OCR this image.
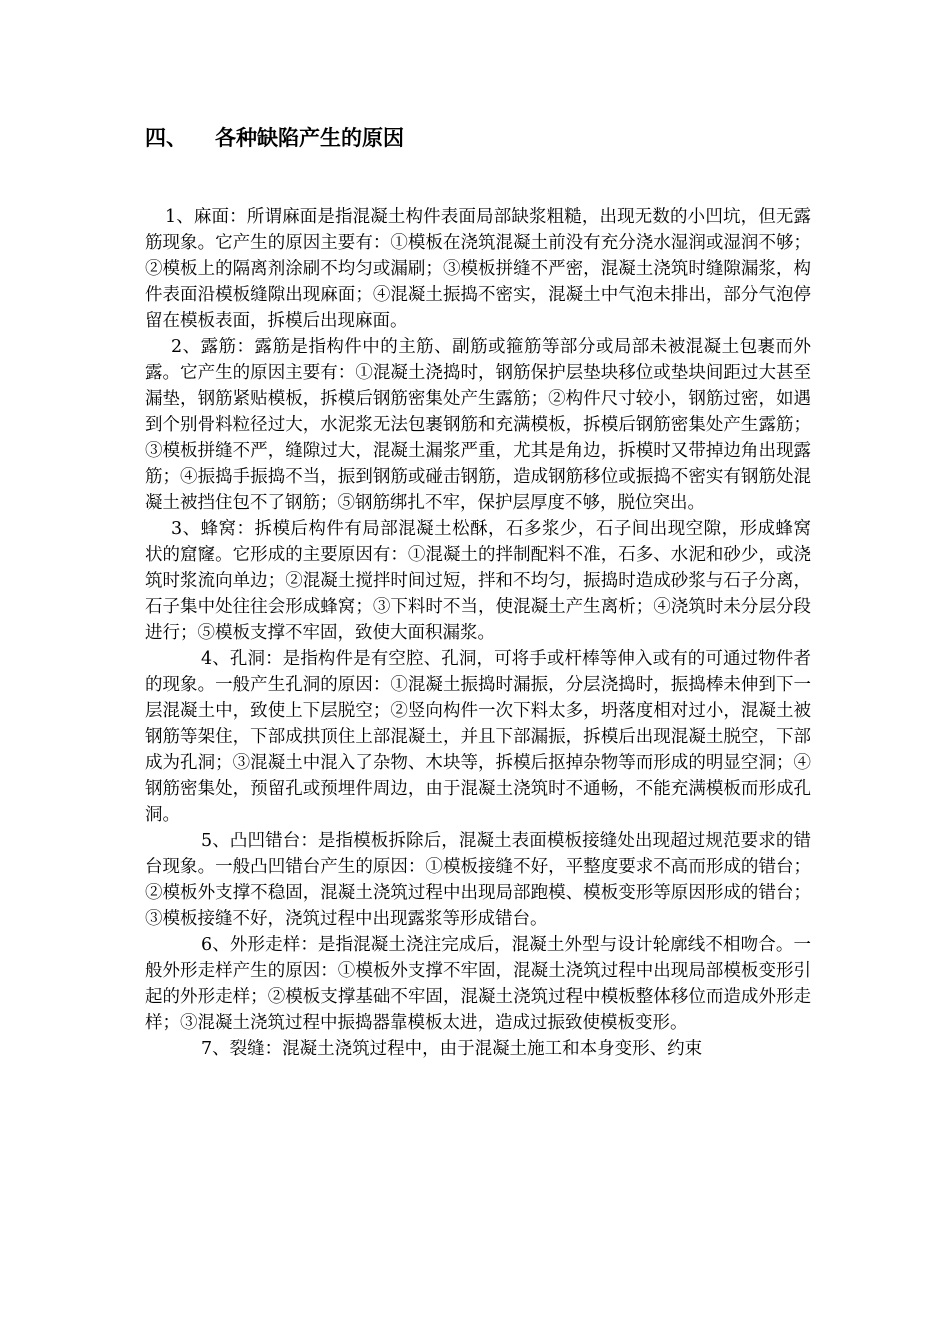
四、 各种缺陷产生的原因

1、麻面：所谓麻面是指混凝土构件表面局部缺浆粗糙，出现无数的小凹坑，但无露筋现象。它产生的原因主要有：①模板在浇筑混凝土前没有充分浇水湿润或湿润不够；②模板上的隔离剂涂刷不均匀或漏刷；③模板拼缝不严密，混凝土浇筑时缝隙漏浆，构件表面沿模板缝隙出现麻面；④混凝土振捣不密实，混凝土中气泡未排出，部分气泡停留在模板表面，拆模后出现麻面。

2、露筋：露筋是指构件中的主筋、副筋或箍筋等部分或局部未被混凝土包裹而外露。它产生的原因主要有：①混凝土浇捣时，钢筋保护层垫块移位或垫块间距过大甚至漏垫，钢筋紧贴模板，拆模后钢筋密集处产生露筋；②构件尺寸较小，钢筋过密，如遇到个别骨料粒径过大，水泥浆无法包裹钢筋和充满模板，拆模后钢筋密集处产生露筋；③模板拼缝不严，缝隙过大，混凝土漏浆严重，尤其是角边，拆模时又带掉边角出现露筋；④振捣手振捣不当，振到钢筋或碰击钢筋，造成钢筋移位或振捣不密实有钢筋处混凝土被挡住包不了钢筋；⑤钢筋绑扎不牢，保护层厚度不够，脱位突出。

3、蜂窝：拆模后构件有局部混凝土松酥，石多浆少，石子间出现空隙，形成蜂窝状的窟窿。它形成的主要原因有：①混凝土的拌制配料不准，石多、水泥和砂少，或浇筑时浆流向单边；②混凝土搅拌时间过短，拌和不均匀，振捣时造成砂浆与石子分离，石子集中处往往会形成蜂窝；③下料时不当，使混凝土产生离析；④浇筑时未分层分段进行；⑤模板支撑不牢固，致使大面积漏浆。

4、孔洞：是指构件是有空腔、孔洞，可将手或杆棒等伸入或有的可通过物件者的现象。一般产生孔洞的原因：①混凝土振捣时漏振，分层浇捣时，振捣棒未伸到下一层混凝土中，致使上下层脱空；②竖向构件一次下料太多，坍落度相对过小，混凝土被钢筋等架住，下部成拱顶住上部混凝土，并且下部漏振，拆模后出现混凝土脱空，下部成为孔洞；③混凝土中混入了杂物、木块等，拆模后抠掉杂物等而形成的明显空洞；④钢筋密集处，预留孔或预埋件周边，由于混凝土浇筑时不通畅，不能充满模板而形成孔洞。

5、凸凹错台：是指模板拆除后，混凝土表面模板接缝处出现超过规范要求的错台现象。一般凸凹错台产生的原因：①模板接缝不好，平整度要求不高而形成的错台；②模板外支撑不稳固，混凝土浇筑过程中出现局部跑模、模板变形等原因形成的错台；③模板接缝不好，浇筑过程中出现露浆等形成错台。

6、外形走样：是指混凝土浇注完成后，混凝土外型与设计轮廓线不相吻合。一般外形走样产生的原因：①模板外支撑不牢固，混凝土浇筑过程中出现局部模板变形引起的外形走样；②模板支撑基础不牢固，混凝土浇筑过程中模板整体移位而造成外形走样；③混凝土浇筑过程中振捣器靠模板太进，造成过振致使模板变形。

7、裂缝：混凝土浇筑过程中，由于混凝土施工和本身变形、约束
